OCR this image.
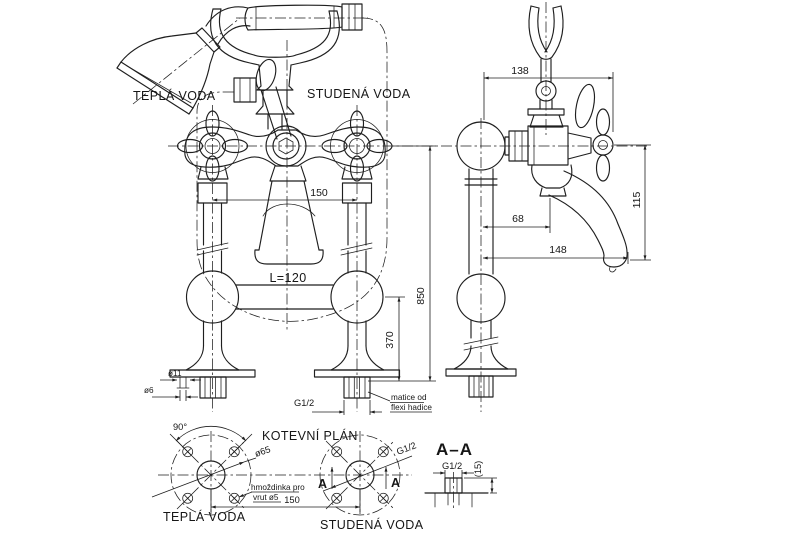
TEPLÁ VODA	STUDENÁ VODA
L=120
150
850
370
ø11
ø6
G1/2
matice od
flexi hadice
138
115
68
148
KOTEVNÍ PLÁN
90°
ø65
hmoždinka pro
vrut ø5 150
G1/2
A	A
TEPLÁ VODA
STUDENÁ VODA
A–A
G1/2 (15)
